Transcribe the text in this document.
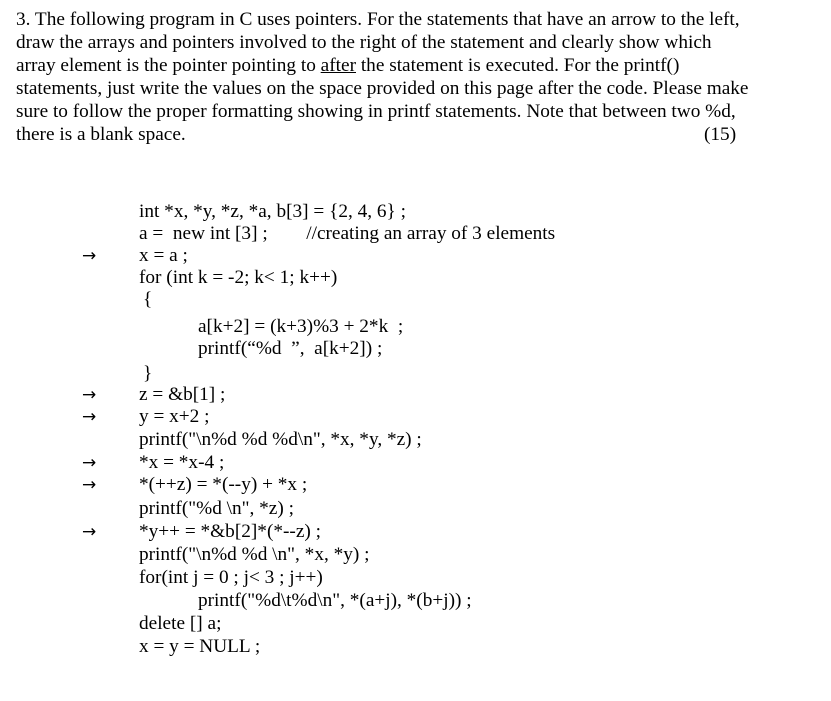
3. The following program in C uses pointers. For the statements that have an arrow to the left,
draw the arrays and pointers involved to the right of the statement and clearly show which
array element is the pointer pointing to after the statement is executed. For the printf()
statements, just write the values on the space provided on this page after the code. Please make
sure to follow the proper formatting showing in printf statements. Note that between two %d,
there is a blank space.	(15)
int *x, *y, *z, *a, b[3] = {2, 4, 6} ;
a =  new int [3] ;        //creating an array of 3 elements
→ x = a ;
for (int k = -2; k< 1; k++)
{
a[k+2] = (k+3)%3 + 2*k  ;
printf(“%d  ”,  a[k+2]) ;
}
→ z = &b[1] ;
→ y = x+2 ;
printf("\n%d %d %d\n", *x, *y, *z) ;
→ *x = *x-4 ;
→ *(++z) = *(--y) + *x ;
printf("%d \n", *z) ;
→ *y++ = *&b[2]*(*--z) ;
printf("\n%d %d \n", *x, *y) ;
for(int j = 0 ; j< 3 ; j++)
printf("%d\t%d\n", *(a+j), *(b+j)) ;
delete [] a;
x = y = NULL ;
